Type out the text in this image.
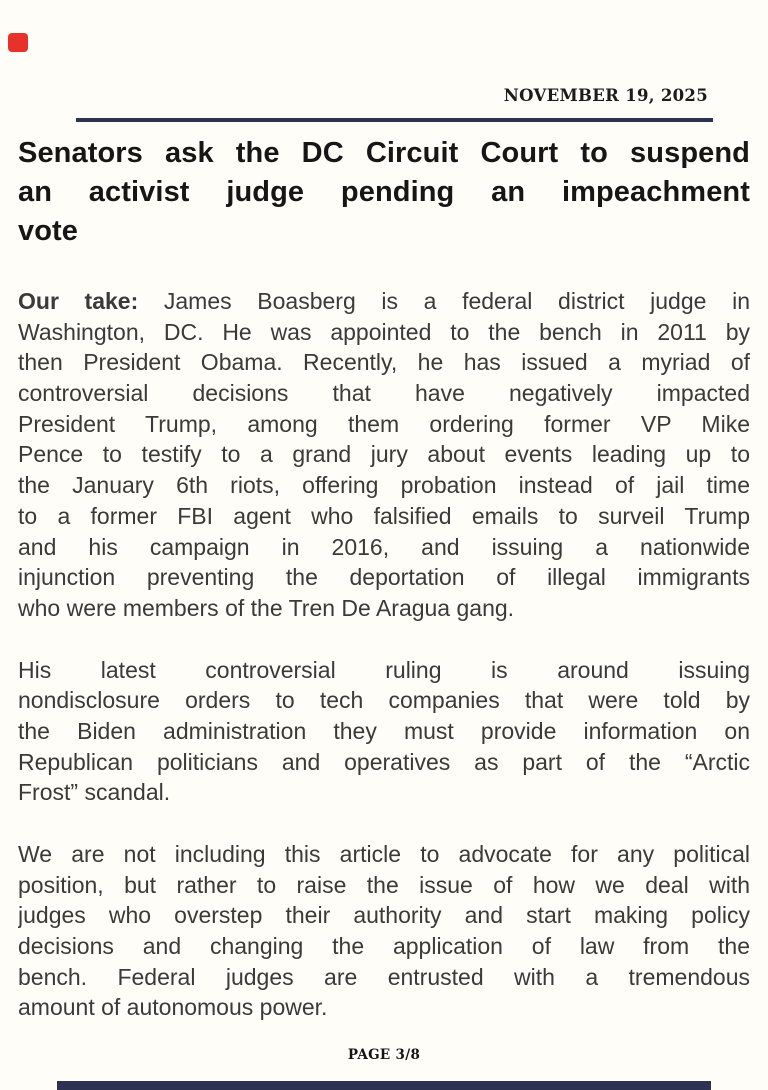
NOVEMBER 19, 2025
Senators ask the DC Circuit Court to suspend
an activist judge pending an impeachment
vote
Our take: James Boasberg is a federal district judge in
Washington, DC. He was appointed to the bench in 2011 by
then President Obama. Recently, he has issued a myriad of
controversial decisions that have negatively impacted
President Trump, among them ordering former VP Mike
Pence to testify to a grand jury about events leading up to
the January 6th riots, offering probation instead of jail time
to a former FBI agent who falsified emails to surveil Trump
and his campaign in 2016, and issuing a nationwide
injunction preventing the deportation of illegal immigrants
who were members of the Tren De Aragua gang.
His latest controversial ruling is around issuing
nondisclosure orders to tech companies that were told by
the Biden administration they must provide information on
Republican politicians and operatives as part of the “Arctic
Frost” scandal.
We are not including this article to advocate for any political
position, but rather to raise the issue of how we deal with
judges who overstep their authority and start making policy
decisions and changing the application of law from the
bench. Federal judges are entrusted with a tremendous
amount of autonomous power.
PAGE 3/8
